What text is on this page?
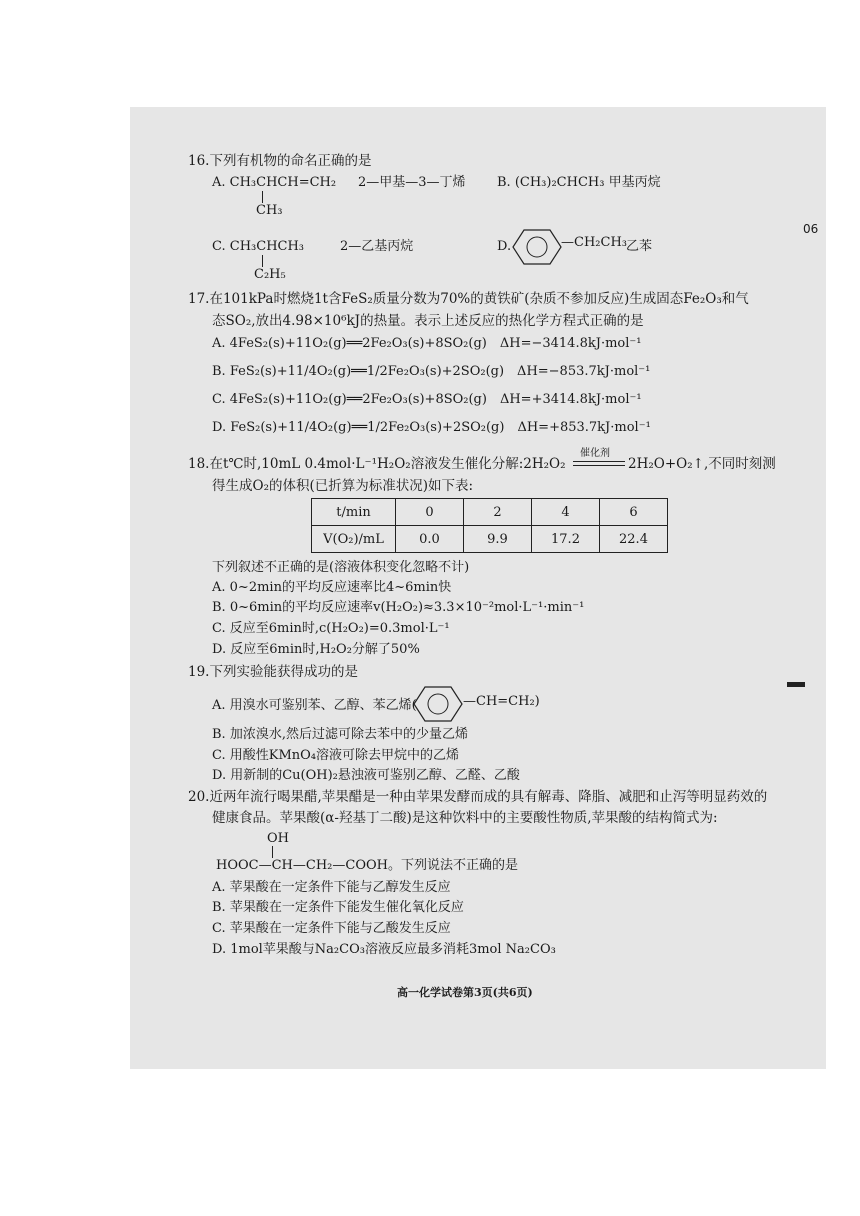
06
16.下列有机物的命名正确的是
A. CH₃CHCH=CH₂
CH₃
2—甲基—3—丁烯 B. (CH₃)₂CHCH₃ 甲基丙烷
C. CH₃CHCH₃
C₂H₅
2—乙基丙烷	D.	—CH₂CH₃ 乙苯
17.在101kPa时燃烧1t含FeS₂质量分数为70%的黄铁矿(杂质不参加反应)生成固态Fe₂O₃和气
态SO₂,放出4.98×10⁶kJ的热量。表示上述反应的热化学方程式正确的是
A. 4FeS₂(s)+11O₂(g)══2Fe₂O₃(s)+8SO₂(g)　ΔH=−3414.8kJ·mol⁻¹
B. FeS₂(s)+11/4O₂(g)══1/2Fe₂O₃(s)+2SO₂(g)　ΔH=−853.7kJ·mol⁻¹
C. 4FeS₂(s)+11O₂(g)══2Fe₂O₃(s)+8SO₂(g)　ΔH=+3414.8kJ·mol⁻¹
D. FeS₂(s)+11/4O₂(g)══1/2Fe₂O₃(s)+2SO₂(g)　ΔH=+853.7kJ·mol⁻¹
18.在t℃时,10mL 0.4mol·L⁻¹H₂O₂溶液发生催化分解:2H₂O₂
催化剂
2H₂O+O₂↑,不同时刻测
得生成O₂的体积(已折算为标准状况)如下表:
t/min	0	2	4	6
V(O₂)/mL	0.0	9.9	17.2	22.4
下列叙述不正确的是(溶液体积变化忽略不计)
A. 0~2min的平均反应速率比4~6min快
B. 0~6min的平均反应速率v(H₂O₂)≈3.3×10⁻²mol·L⁻¹·min⁻¹
C. 反应至6min时,c(H₂O₂)=0.3mol·L⁻¹
D. 反应至6min时,H₂O₂分解了50%
19.下列实验能获得成功的是
A. 用溴水可鉴别苯、乙醇、苯乙烯(	—CH=CH₂)
B. 加浓溴水,然后过滤可除去苯中的少量乙烯
C. 用酸性KMnO₄溶液可除去甲烷中的乙烯
D. 用新制的Cu(OH)₂悬浊液可鉴别乙醇、乙醛、乙酸
20.近两年流行喝果醋,苹果醋是一种由苹果发酵而成的具有解毒、降脂、减肥和止泻等明显药效的
健康食品。苹果酸(α-羟基丁二酸)是这种饮料中的主要酸性物质,苹果酸的结构简式为:
OH
HOOC—CH—CH₂—COOH。下列说法不正确的是
A. 苹果酸在一定条件下能与乙醇发生反应
B. 苹果酸在一定条件下能发生催化氧化反应
C. 苹果酸在一定条件下能与乙酸发生反应
D. 1mol苹果酸与Na₂CO₃溶液反应最多消耗3mol Na₂CO₃
高一化学试卷第3页(共6页)
